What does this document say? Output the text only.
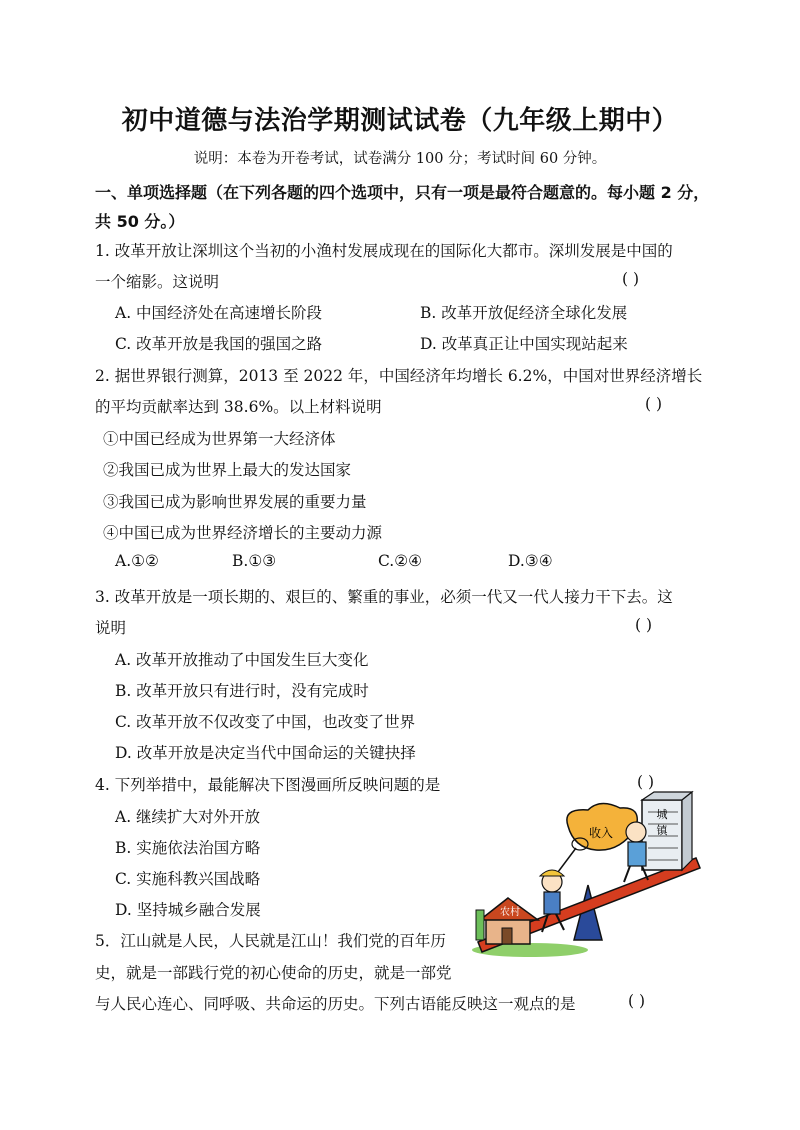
初中道德与法治学期测试试卷（九年级上期中）
说明：本卷为开卷考试，试卷满分 100 分；考试时间 60 分钟。
一、单项选择题（在下列各题的四个选项中，只有一项是最符合题意的。每小题 2 分，
共 50 分。）
1. 改革开放让深圳这个当初的小渔村发展成现在的国际化大都市。深圳发展是中国的
一个缩影。这说明	( )
A. 中国经济处在高速增长阶段	B. 改革开放促经济全球化发展
C. 改革开放是我国的强国之路	D. 改革真正让中国实现站起来
2. 据世界银行测算，2013 至 2022 年，中国经济年均增长 6.2%，中国对世界经济增长
的平均贡献率达到 38.6%。以上材料说明	( )
①中国已经成为世界第一大经济体
②我国已成为世界上最大的发达国家
③我国已成为影响世界发展的重要力量
④中国已成为世界经济增长的主要动力源
A.①②	B.①③	C.②④	D.③④
3. 改革开放是一项长期的、艰巨的、繁重的事业，必须一代又一代人接力干下去。这
说明	( )
A. 改革开放推动了中国发生巨大变化
B. 改革开放只有进行时，没有完成时
C. 改革开放不仅改变了中国，也改变了世界
D. 改革开放是决定当代中国命运的关键抉择
4. 下列举措中，最能解决下图漫画所反映问题的是	( )
A. 继续扩大对外开放
B. 实施依法治国方略
C. 实施科教兴国战略
D. 坚持城乡融合发展
城
镇
收入
农村
5．江山就是人民，人民就是江山！我们党的百年历
史，就是一部践行党的初心使命的历史，就是一部党
与人民心连心、同呼吸、共命运的历史。下列古语能反映这一观点的是	( )
